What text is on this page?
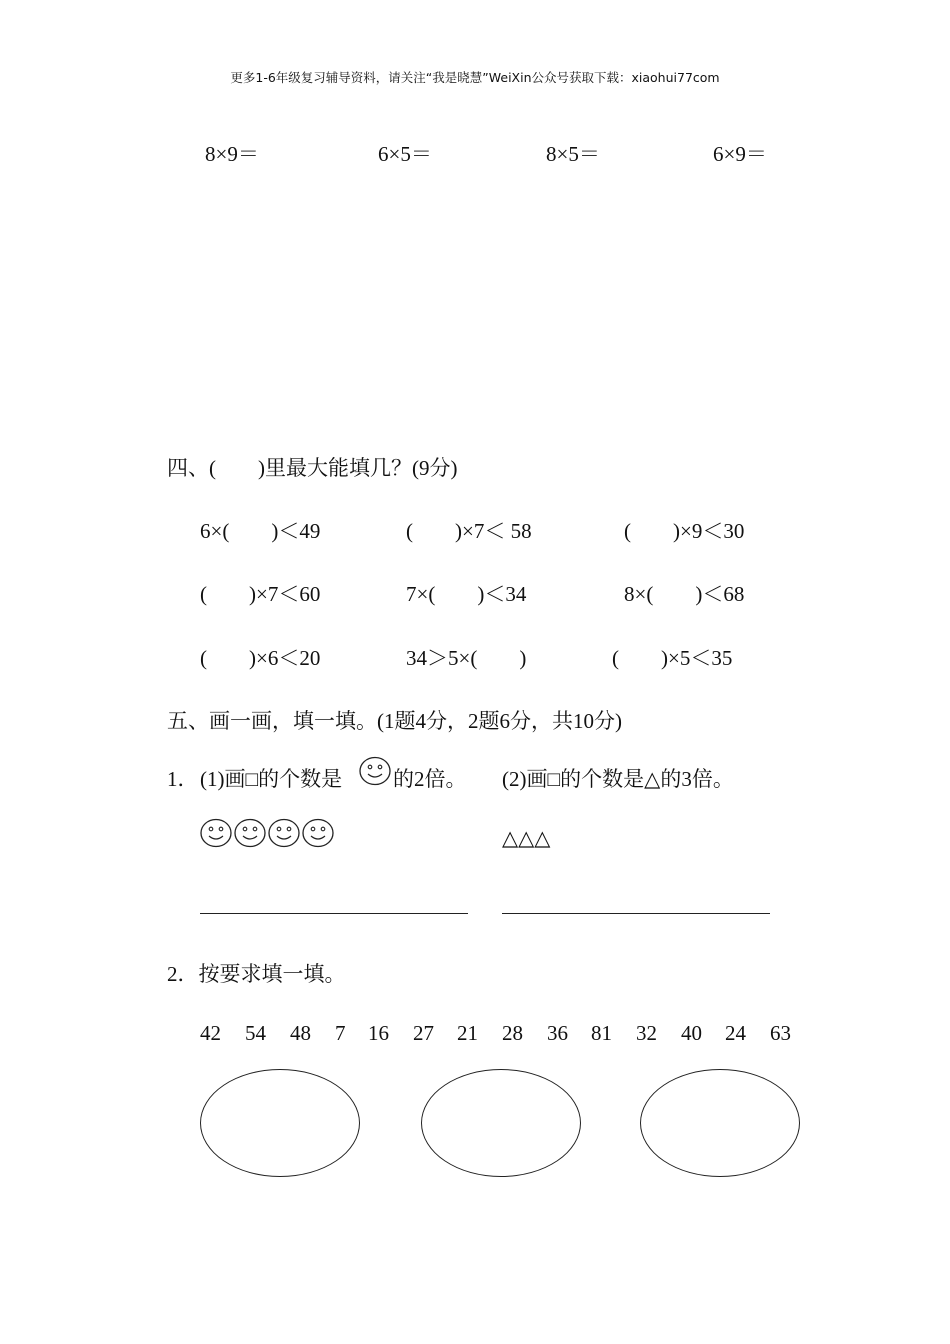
更多1-6年级复习辅导资料，请关注“我是晓慧”WeiXin公众号获取下载：xiaohui77com
8×9＝	6×5＝	8×5＝	6×9＝
四、(　　)里最大能填几？(9分)
6×(　　)＜49	(　　)×7＜ 58	(　　)×9＜30
(　　)×7＜60	7×(　　)＜34	8×(　　)＜68
(　　)×6＜20	34＞5×(　　)	(　　)×5＜35
五、画一画，填一填。(1题4分，2题6分，共10分)
1． (1)画□的个数是 的2倍。 (2)画□的个数是△的3倍。
△△△
2．按要求填一填。
42 54 48 7 16 27 21 28 36 81 32 40 24 63
